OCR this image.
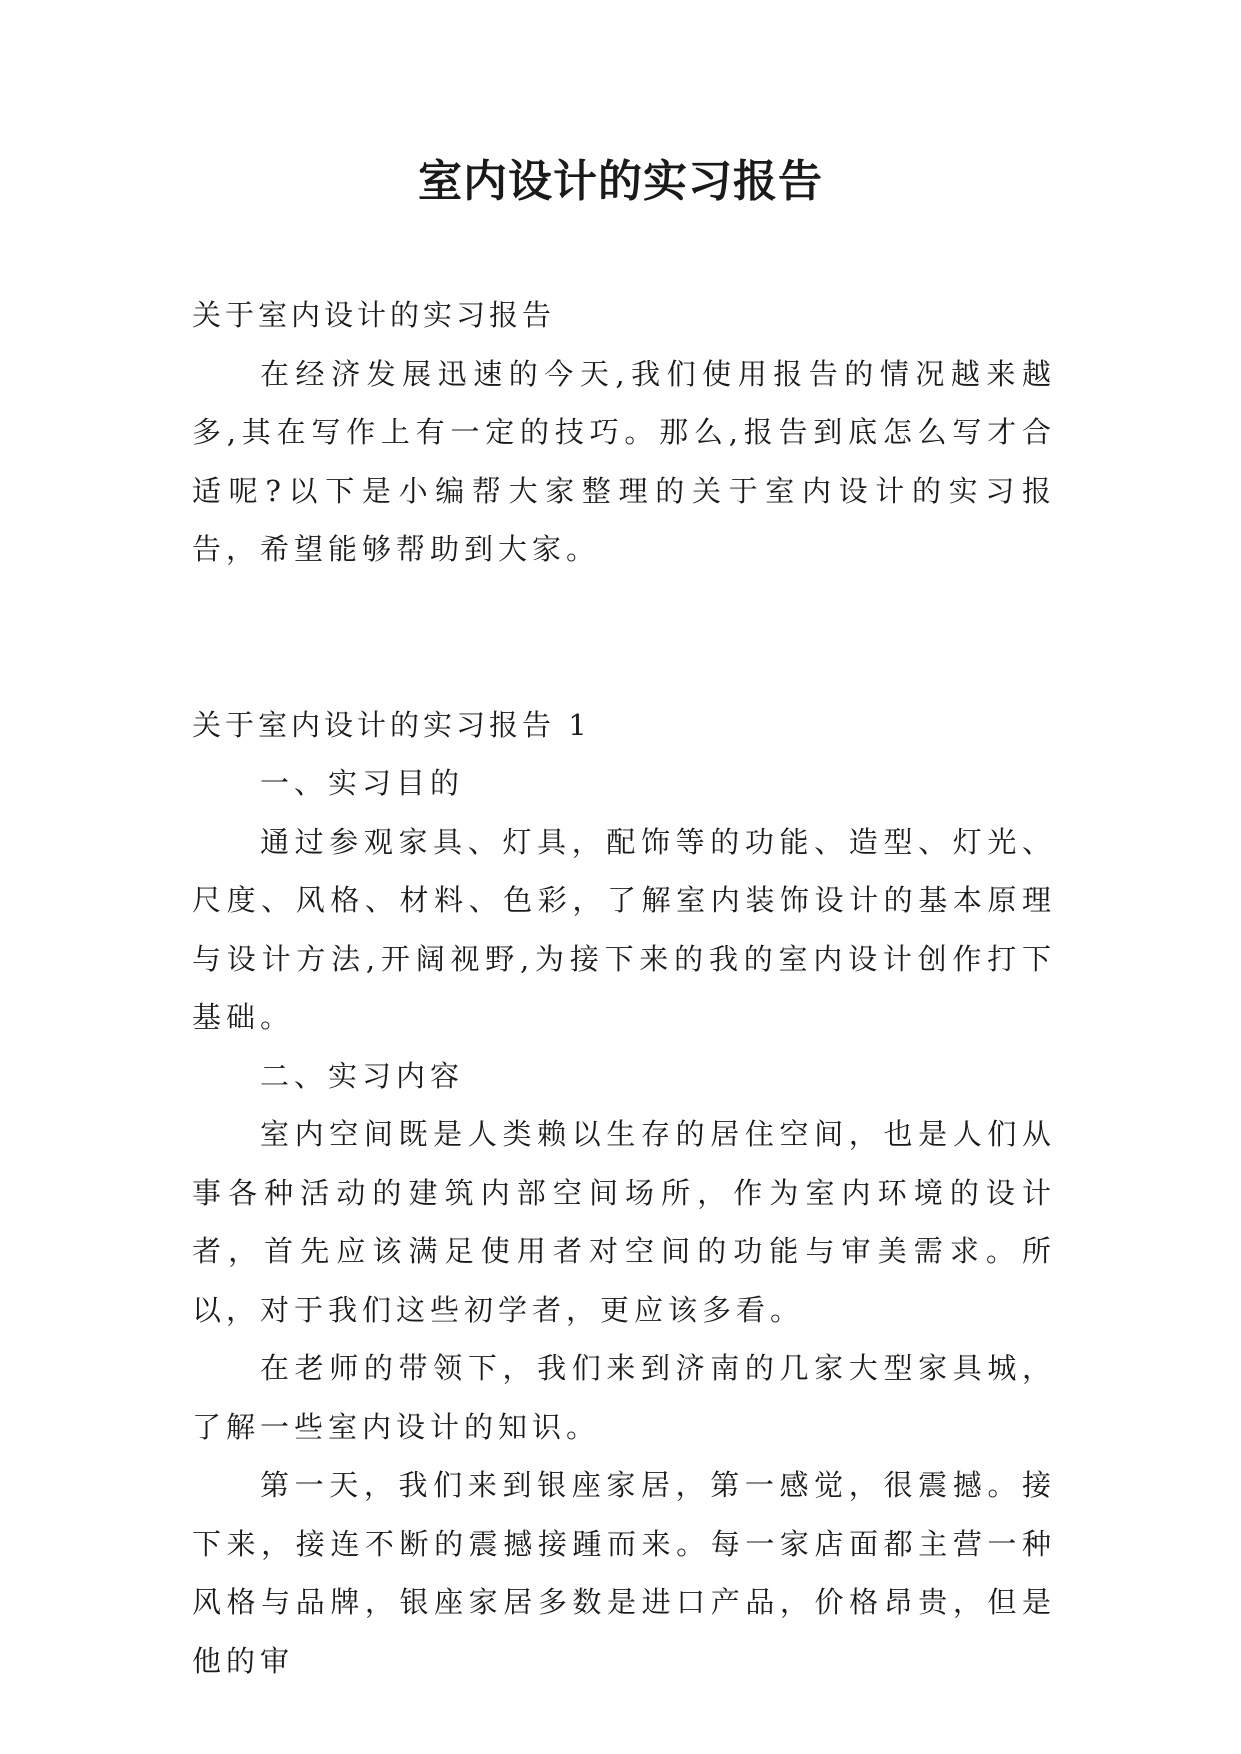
室内设计的实习报告

关于室内设计的实习报告

在经济发展迅速的今天,我们使用报告的情况越来越多,其在写作上有一定的技巧。那么,报告到底怎么写才合适呢?以下是小编帮大家整理的关于室内设计的实习报告，希望能够帮助到大家。

关于室内设计的实习报告 1

一、实习目的

通过参观家具、灯具，配饰等的功能、造型、灯光、尺度、风格、材料、色彩，了解室内装饰设计的基本原理与设计方法,开阔视野,为接下来的我的室内设计创作打下基础。

二、实习内容

室内空间既是人类赖以生存的居住空间，也是人们从事各种活动的建筑内部空间场所，作为室内环境的设计者，首先应该满足使用者对空间的功能与审美需求。所以，对于我们这些初学者，更应该多看。

在老师的带领下，我们来到济南的几家大型家具城，了解一些室内设计的知识。

第一天，我们来到银座家居，第一感觉，很震撼。接下来，接连不断的震撼接踵而来。每一家店面都主营一种风格与品牌，银座家居多数是进口产品，价格昂贵，但是他的审
